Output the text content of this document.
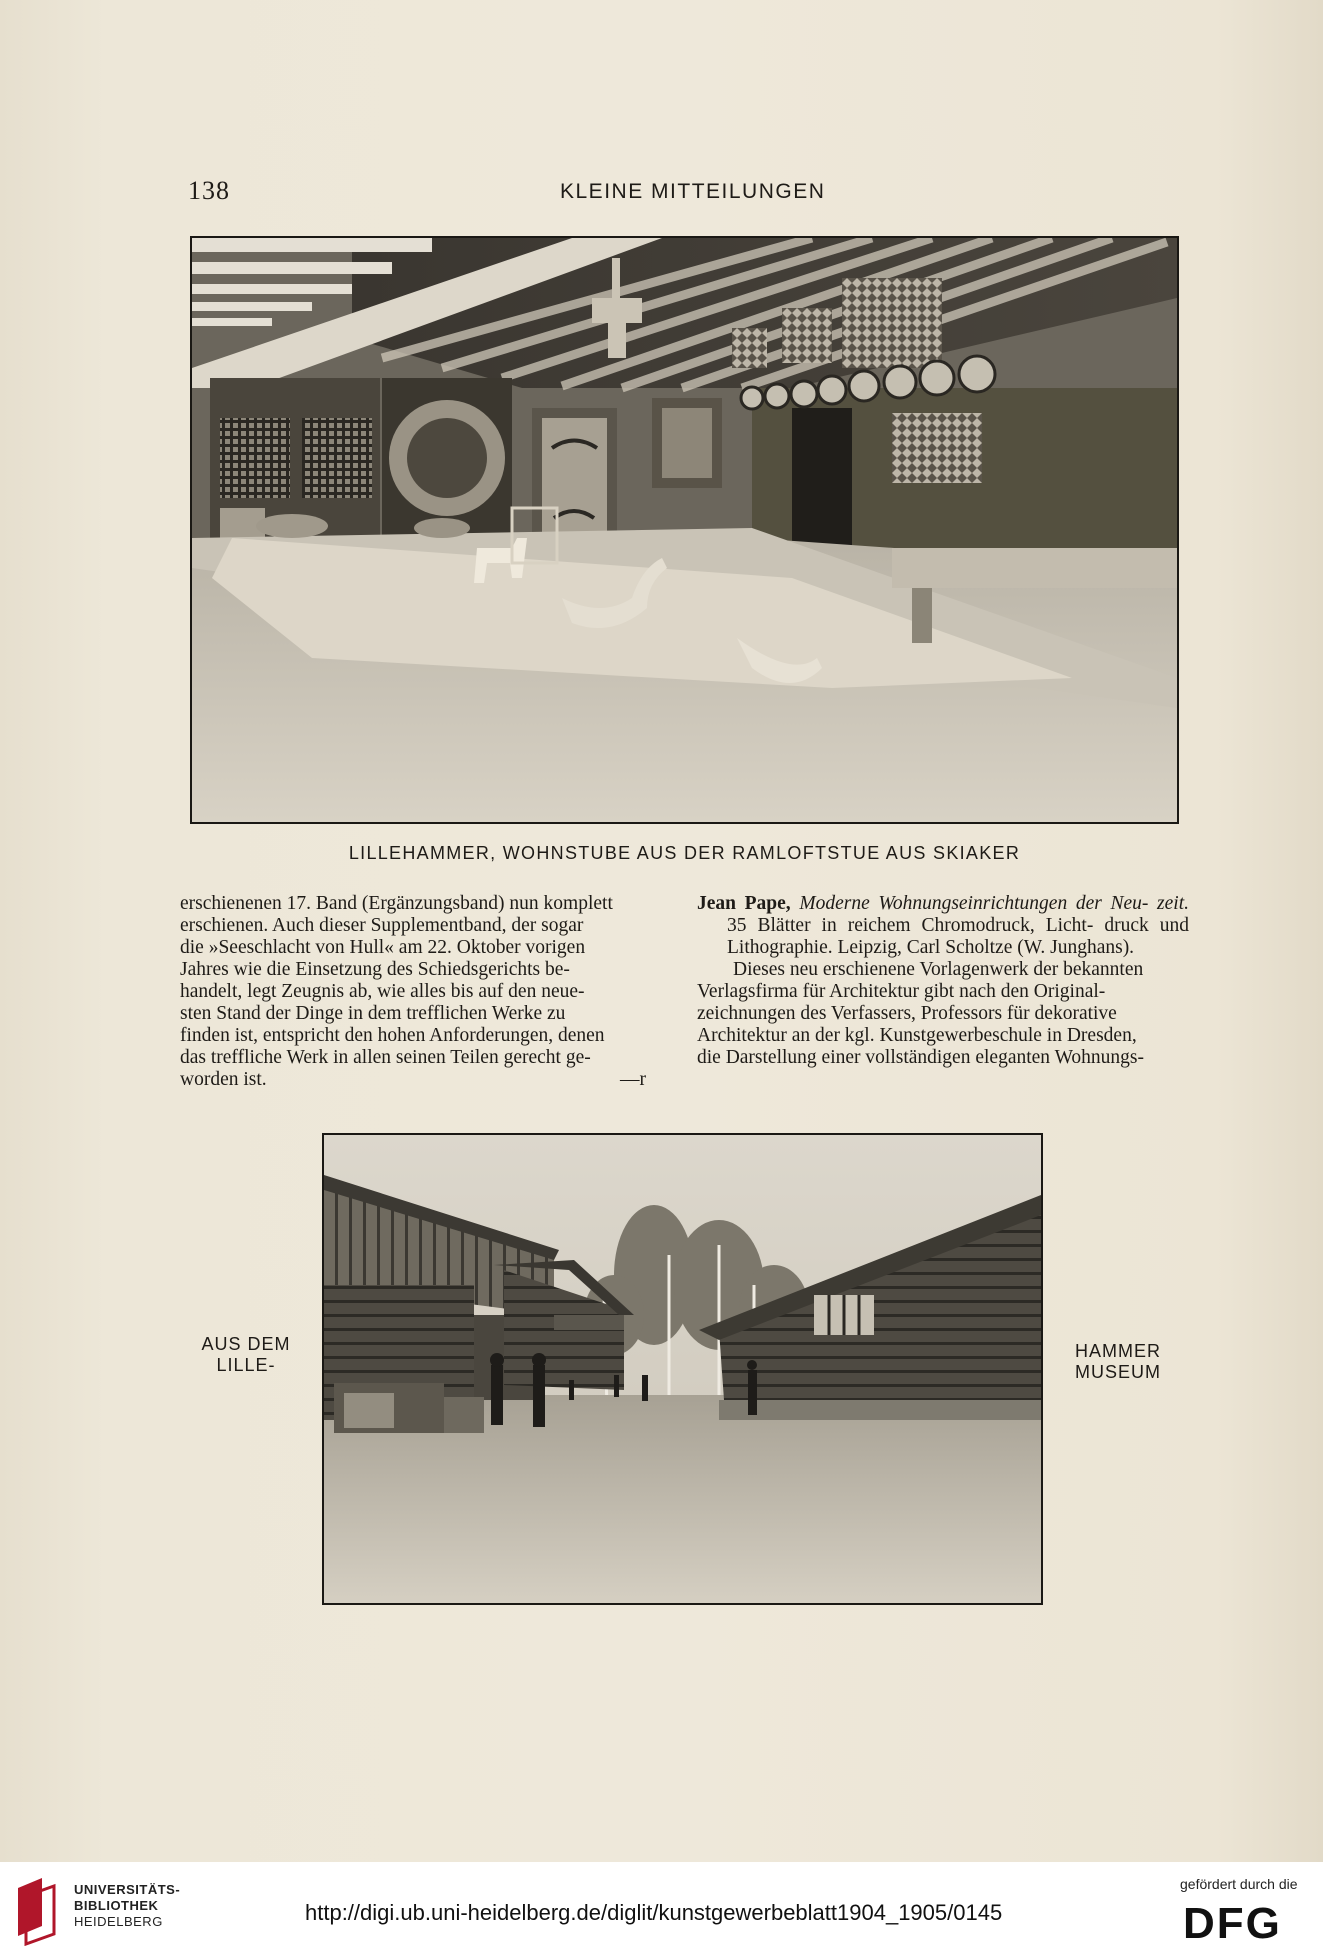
138	KLEINE MITTEILUNGEN
LILLEHAMMER, WOHNSTUBE AUS DER RAMLOFTSTUE AUS SKIAKER

erschienenen 17. Band (Ergänzungsband) nun komplett

erschienen. Auch dieser Supplementband, der sogar

die »Seeschlacht von Hull« am 22. Oktober vorigen

Jahres wie die Einsetzung des Schiedsgerichts be-

handelt, legt Zeugnis ab, wie alles bis auf den neue-

sten Stand der Dinge in dem trefflichen Werke zu

finden ist, entspricht den hohen Anforderungen, denen

das treffliche Werk in allen seinen Teilen gerecht ge-

worden ist.	—r

Jean Pape, Moderne Wohnungseinrichtungen der Neu- zeit. 35 Blätter in reichem Chromodruck, Licht- druck und Lithographie. Leipzig, Carl Scholtze (W. Junghans).

Dieses neu erschienene Vorlagenwerk der bekannten

Verlagsfirma für Architektur gibt nach den Original-

zeichnungen des Verfassers, Professors für dekorative

Architektur an der kgl. Kunstgewerbeschule in Dresden,

die Darstellung einer vollständigen eleganten Wohnungs-

AUS DEM
LILLE-
HAMMER
MUSEUM
UNIVERSITÄTS-
BIBLIOTHEK
HEIDELBERG	http://digi.ub.uni-heidelberg.de/diglit/kunstgewerbeblatt1904_1905/0145
gefördert durch die
DFG
